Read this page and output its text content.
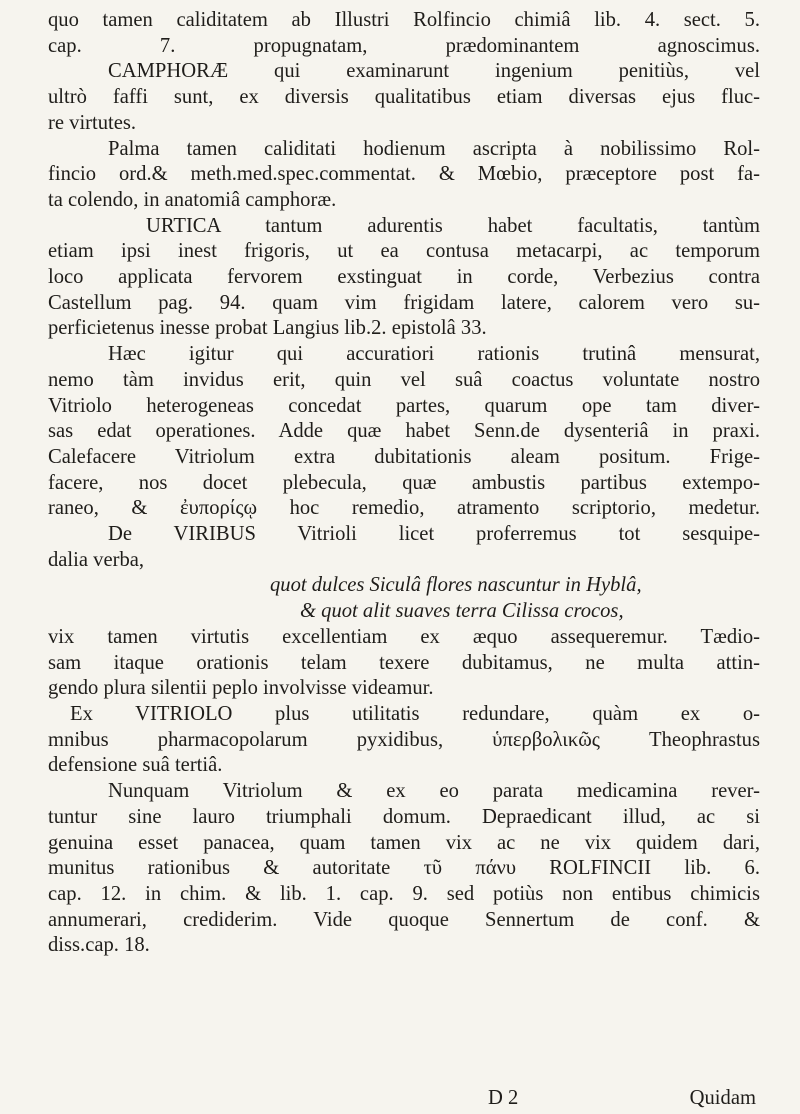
quo tamen caliditatem ab Illustri Rolfincio chimiâ lib. 4. sect. 5.
cap. 7. propugnatam, prædominantem agnoscimus.
CAMPHORÆ qui examinarunt ingenium penitiùs, vel
ultrò faffi sunt, ex diversis qualitatibus etiam diversas ejus fluc-
re virtutes.
Palma tamen caliditati hodienum ascripta à nobilissimo Rol-
fincio ord.& meth.med.spec.commentat. & Mœbio, præceptore post fa-
ta colendo, in anatomiâ camphoræ.
URTICA tantum adurentis habet facultatis, tantùm
etiam ipsi inest frigoris, ut ea contusa metacarpi, ac temporum
loco applicata fervorem exstinguat in corde, Verbezius contra
Castellum pag. 94. quam vim frigidam latere, calorem vero su-
perficietenus inesse probat Langius lib.2. epistolâ 33.
Hæc igitur qui accuratiori rationis trutinâ mensurat,
nemo tàm invidus erit, quin vel suâ coactus voluntate nostro
Vitriolo heterogeneas concedat partes, quarum ope tam diver-
sas edat operationes. Adde quæ habet Senn.de dysenteriâ in praxi.
Calefacere Vitriolum extra dubitationis aleam positum. Frige-
facere, nos docet plebecula, quæ ambustis partibus extempo-
raneo, & ἐυπορίςῳ hoc remedio, atramento scriptorio, medetur.
De VIRIBUS Vitrioli licet proferremus tot sesquipe-
dalia verba,
quot dulces Siculâ flores nascuntur in Hyblâ,
& quot alit suaves terra Cilissa crocos,
vix tamen virtutis excellentiam ex æquo assequeremur. Tædio-
sam itaque orationis telam texere dubitamus, ne multa attin-
gendo plura silentii peplo involvisse videamur.
Ex VITRIOLO plus utilitatis redundare, quàm ex o-
mnibus pharmacopolarum pyxidibus, ὑπερβολικῶς Theophrastus
defensione suâ tertiâ.
Nunquam Vitriolum & ex eo parata medicamina rever-
tuntur sine lauro triumphali domum. Depraedicant illud, ac si
genuina esset panacea, quam tamen vix ac ne vix quidem dari,
munitus rationibus & autoritate τῦ πάνυ ROLFINCII lib. 6.
cap. 12. in chim. & lib. 1. cap. 9. sed potiùs non entibus chimicis
annumerari, crediderim. Vide quoque Sennertum de conf. &
diss.cap. 18.
D 2	Quidam
